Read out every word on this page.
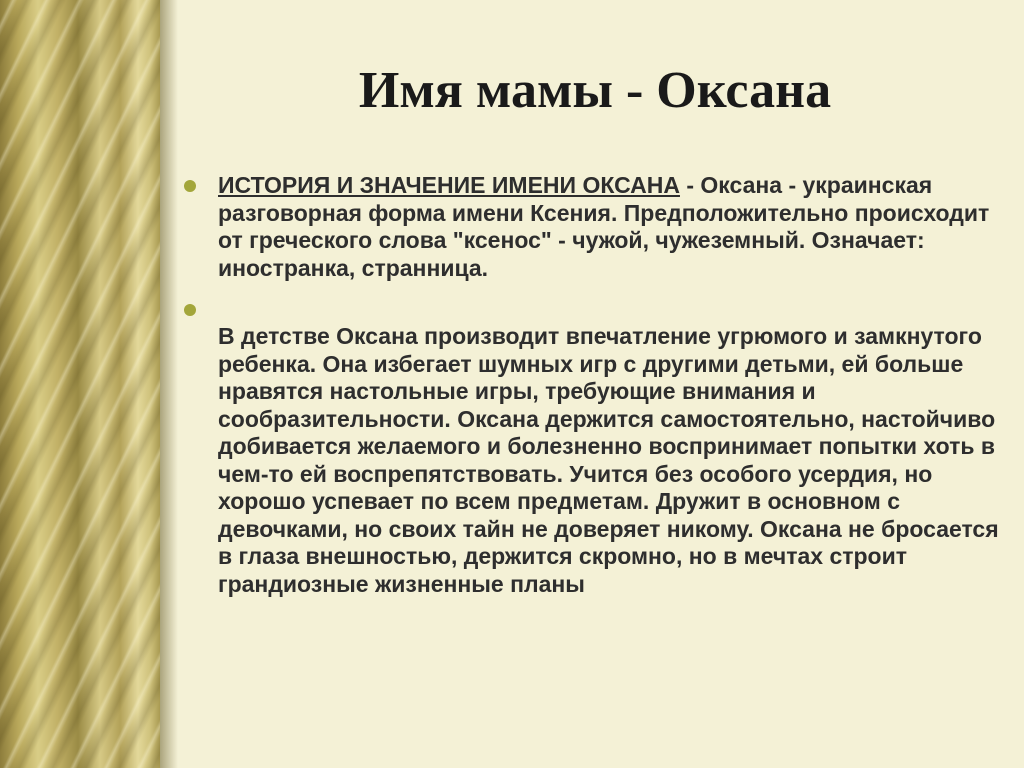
Имя мамы - Оксана
ИСТОРИЯ И ЗНАЧЕНИЕ ИМЕНИ ОКСАНА - Оксана - украинская разговорная форма имени Ксения. Предположительно происходит от греческого слова "ксенос" - чужой, чужеземный. Означает: иностранка, странница.
В детстве Оксана производит впечатление угрюмого и замкнутого ребенка. Она избегает шумных игр с другими детьми, ей больше нравятся настольные игры, требующие внимания и сообразительности. Оксана держится самостоятельно, настойчиво добивается желаемого и болезненно воспринимает попытки хоть в чем-то ей воспрепятствовать. Учится без особого усердия, но хорошо успевает по всем предметам. Дружит в основном с девочками, но своих тайн не доверяет никому. Оксана не бросается в глаза внешностью, держится скромно, но в мечтах строит грандиозные жизненные планы
